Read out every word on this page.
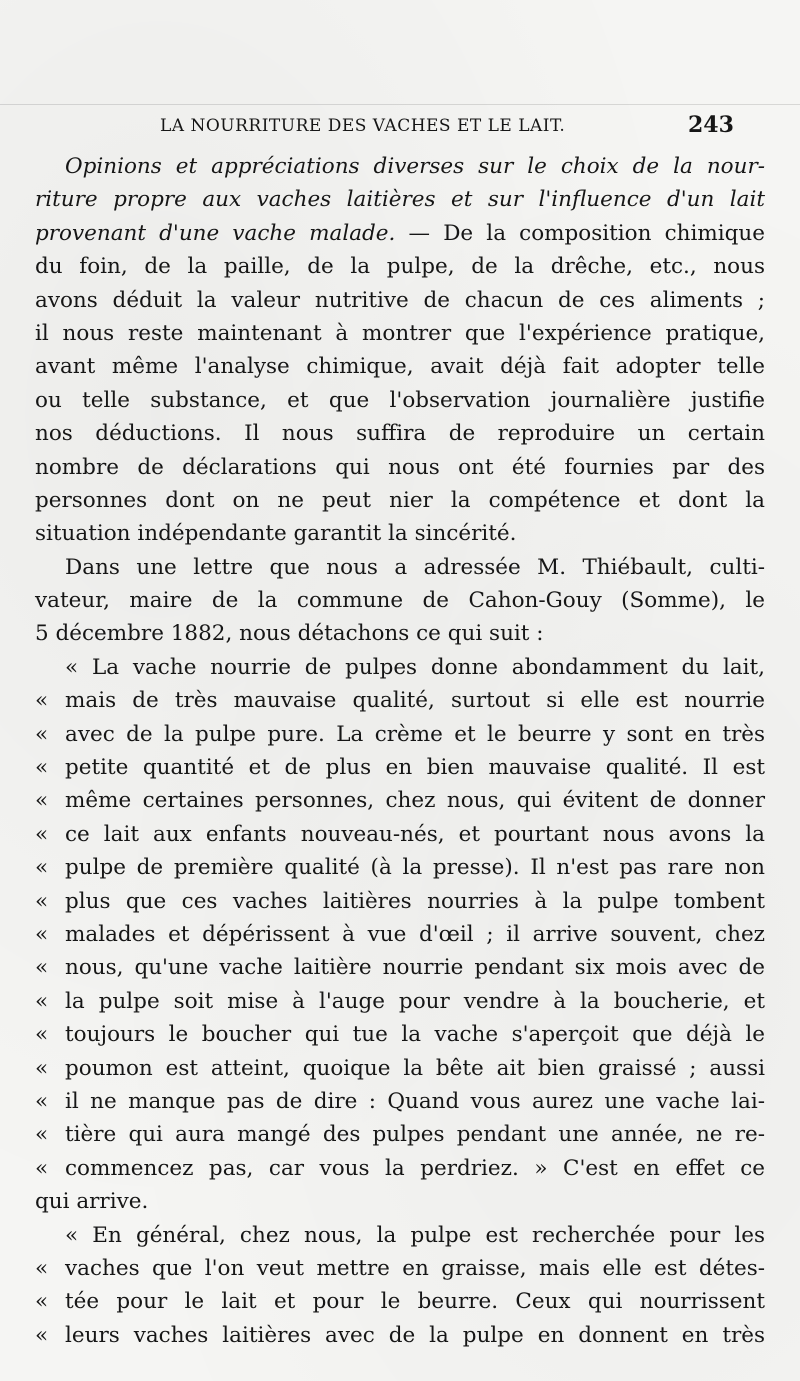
LA NOURRITURE DES VACHES ET LE LAIT.	243
Opinions et appréciations diverses sur le choix de la nour-
riture propre aux vaches laitières et sur l'influence d'un lait
provenant d'une vache malade. — De la composition chimique
du foin, de la paille, de la pulpe, de la drêche, etc., nous
avons déduit la valeur nutritive de chacun de ces aliments ;
il nous reste maintenant à montrer que l'expérience pratique,
avant même l'analyse chimique, avait déjà fait adopter telle
ou telle substance, et que l'observation journalière justifie
nos déductions. Il nous suffira de reproduire un certain
nombre de déclarations qui nous ont été fournies par des
personnes dont on ne peut nier la compétence et dont la
situation indépendante garantit la sincérité.
Dans une lettre que nous a adressée M. Thiébault, culti-
vateur, maire de la commune de Cahon-Gouy (Somme), le
5 décembre 1882, nous détachons ce qui suit :
« La vache nourrie de pulpes donne abondamment du lait,
« mais de très mauvaise qualité, surtout si elle est nourrie
« avec de la pulpe pure. La crème et le beurre y sont en très
« petite quantité et de plus en bien mauvaise qualité. Il est
« même certaines personnes, chez nous, qui évitent de donner
« ce lait aux enfants nouveau-nés, et pourtant nous avons la
« pulpe de première qualité (à la presse). Il n'est pas rare non
« plus que ces vaches laitières nourries à la pulpe tombent
« malades et dépérissent à vue d'œil ; il arrive souvent, chez
« nous, qu'une vache laitière nourrie pendant six mois avec de
« la pulpe soit mise à l'auge pour vendre à la boucherie, et
« toujours le boucher qui tue la vache s'aperçoit que déjà le
« poumon est atteint, quoique la bête ait bien graissé ; aussi
« il ne manque pas de dire : Quand vous aurez une vache lai-
« tière qui aura mangé des pulpes pendant une année, ne re-
« commencez pas, car vous la perdriez. » C'est en effet ce
qui arrive.
« En général, chez nous, la pulpe est recherchée pour les
« vaches que l'on veut mettre en graisse, mais elle est détes-
« tée pour le lait et pour le beurre. Ceux qui nourrissent
« leurs vaches laitières avec de la pulpe en donnent en très
